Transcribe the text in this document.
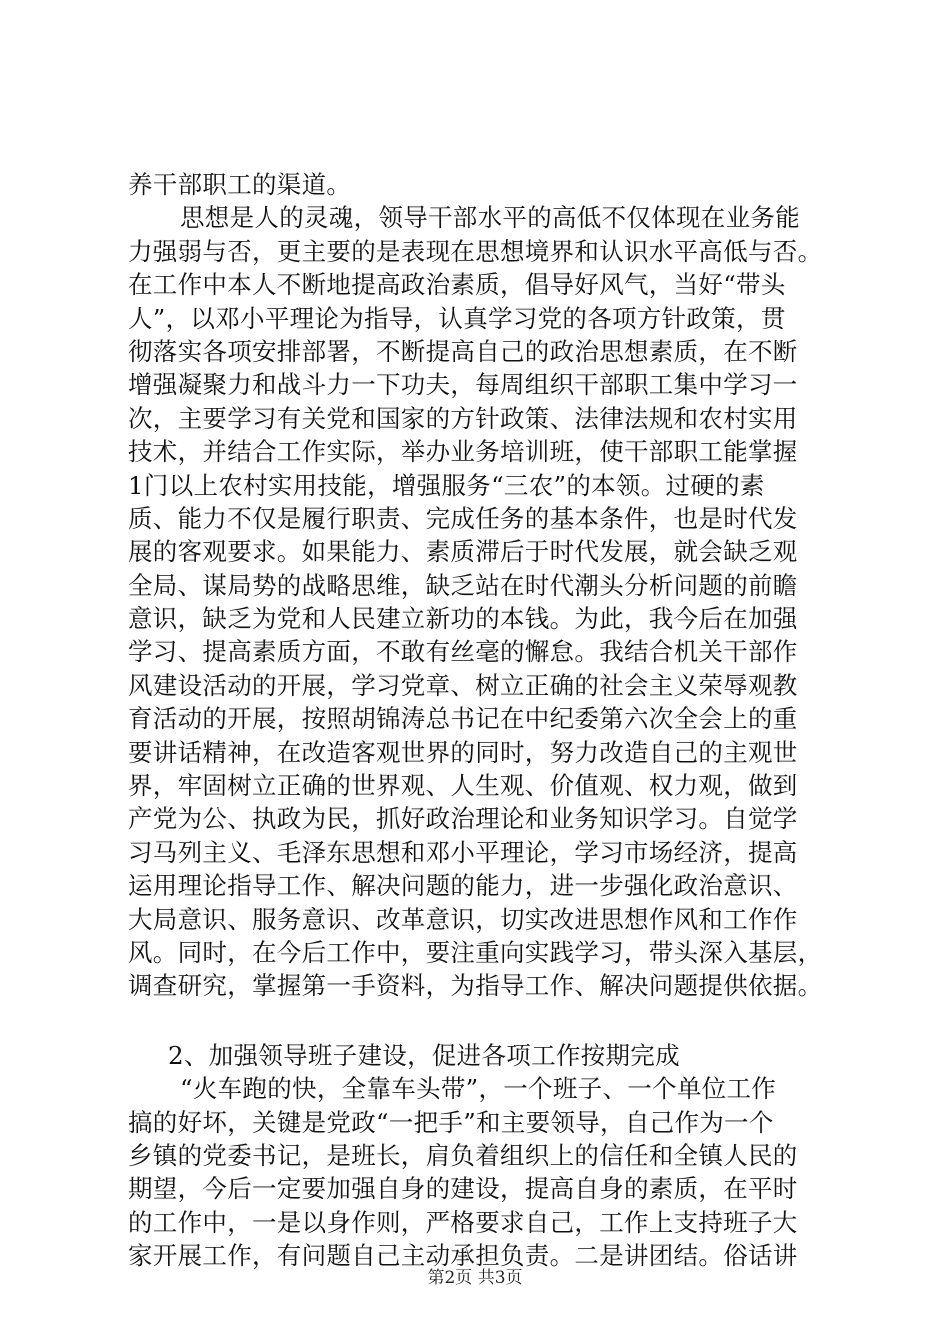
养干部职工的渠道。
思想是人的灵魂，领导干部水平的高低不仅体现在业务能
力强弱与否，更主要的是表现在思想境界和认识水平高低与否。
在工作中本人不断地提高政治素质，倡导好风气，当好“带头
人”，以邓小平理论为指导，认真学习党的各项方针政策，贯
彻落实各项安排部署，不断提高自己的政治思想素质，在不断
增强凝聚力和战斗力一下功夫，每周组织干部职工集中学习一
次，主要学习有关党和国家的方针政策、法律法规和农村实用
技术，并结合工作实际，举办业务培训班，使干部职工能掌握
1门以上农村实用技能，增强服务“三农”的本领。过硬的素
质、能力不仅是履行职责、完成任务的基本条件，也是时代发
展的客观要求。如果能力、素质滞后于时代发展，就会缺乏观
全局、谋局势的战略思维，缺乏站在时代潮头分析问题的前瞻
意识，缺乏为党和人民建立新功的本钱。为此，我今后在加强
学习、提高素质方面，不敢有丝毫的懈怠。我结合机关干部作
风建设活动的开展，学习党章、树立正确的社会主义荣辱观教
育活动的开展，按照胡锦涛总书记在中纪委第六次全会上的重
要讲话精神，在改造客观世界的同时，努力改造自己的主观世
界，牢固树立正确的世界观、人生观、价值观、权力观，做到
产党为公、执政为民，抓好政治理论和业务知识学习。自觉学
习马列主义、毛泽东思想和邓小平理论，学习市场经济，提高
运用理论指导工作、解决问题的能力，进一步强化政治意识、
大局意识、服务意识、改革意识，切实改进思想作风和工作作
风。同时，在今后工作中，要注重向实践学习，带头深入基层，
调查研究，掌握第一手资料，为指导工作、解决问题提供依据。
2、加强领导班子建设，促进各项工作按期完成
“火车跑的快，全靠车头带”，一个班子、一个单位工作
搞的好坏，关键是党政“一把手”和主要领导，自己作为一个
乡镇的党委书记，是班长，肩负着组织上的信任和全镇人民的
期望，今后一定要加强自身的建设，提高自身的素质，在平时
的工作中，一是以身作则，严格要求自己，工作上支持班子大
家开展工作，有问题自己主动承担负责。二是讲团结。俗话讲
第2页 共3页
